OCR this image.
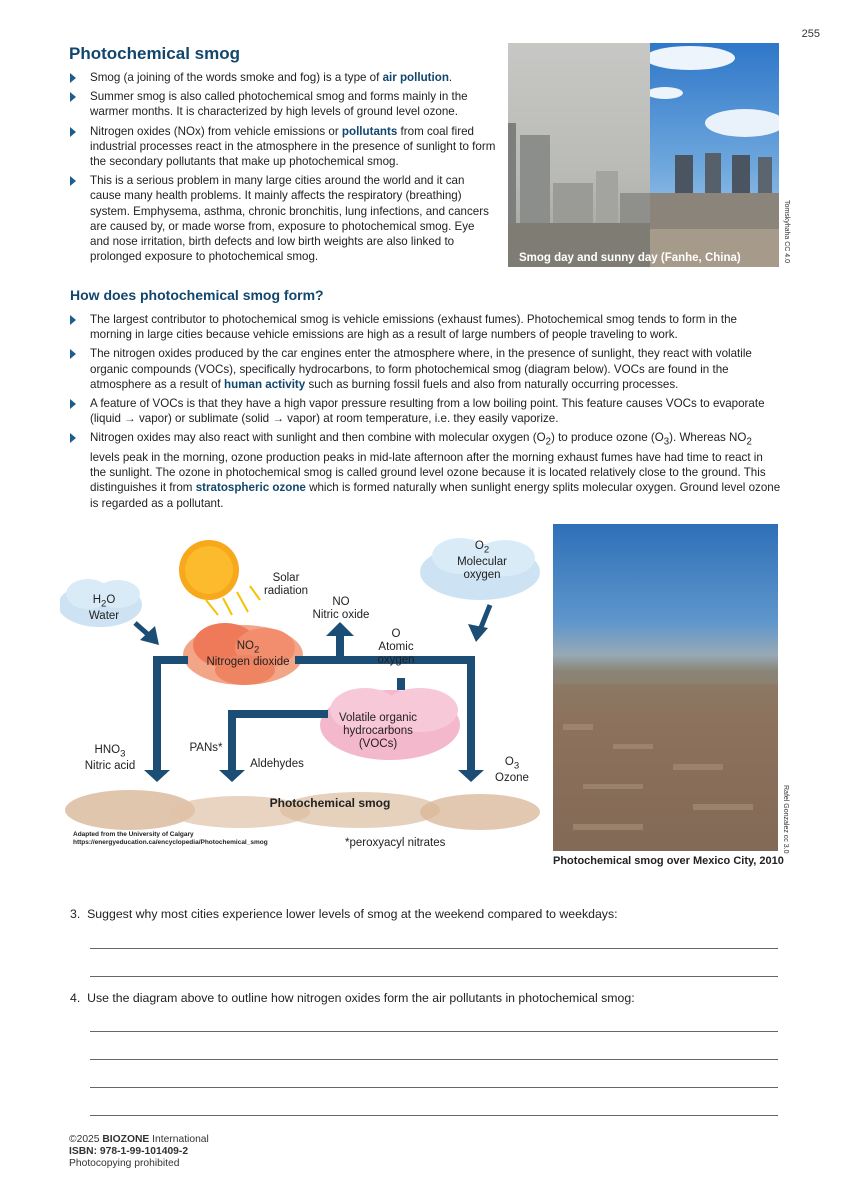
255
Photochemical smog
Smog (a joining of the words smoke and fog) is a type of air pollution.
Summer smog is also called photochemical smog and forms mainly in the warmer months. It is characterized by high levels of ground level ozone.
Nitrogen oxides (NOx) from vehicle emissions or pollutants from coal fired industrial processes react in the atmosphere in the presence of sunlight to form the secondary pollutants that make up photochemical smog.
This is a serious problem in many large cities around the world and it can cause many health problems. It mainly affects the respiratory (breathing) system. Emphysema, asthma, chronic bronchitis, lung infections, and cancers are caused by, or made worse from, exposure to photochemical smog. Eye and nose irritation, birth defects and low birth weights are also linked to prolonged exposure to photochemical smog.	Smog day and sunny day (Fanhe, China)	Tomskyhaha CC 4.0
How does photochemical smog form?
The largest contributor to photochemical smog is vehicle emissions (exhaust fumes). Photochemical smog tends to form in the morning in large cities because vehicle emissions are high as a result of large numbers of people traveling to work.
The nitrogen oxides produced by the car engines enter the atmosphere where, in the presence of sunlight, they react with volatile organic compounds (VOCs), specifically hydrocarbons, to form photochemical smog (diagram below). VOCs are found in the atmosphere as a result of human activity such as burning fossil fuels and also from naturally occurring processes.
A feature of VOCs is that they have a high vapor pressure resulting from a low boiling point. This feature causes VOCs to evaporate (liquid → vapor) or sublimate (solid → vapor) at room temperature, i.e. they easily vaporize.
Nitrogen oxides may also react with sunlight and then combine with molecular oxygen $(O_2)$ to produce ozone $(O_3)$. Whereas $NO_2$ levels peak in the morning, ozone production peaks in mid-late afternoon after the morning exhaust fumes have had time to react in the sunlight. The ozone in photochemical smog is called ground level ozone because it is located relatively close to the ground. This distinguishes it from stratospheric ozone which is formed naturally when sunlight energy splits molecular oxygen. Ground level ozone is regarded as a pollutant.
Solar radiation
$H_2O$
Water
NO
Nitric oxide
$O_2$
Molecular oxygen
$NO_2$
Nitrogen dioxide
O
Atomic oxygen
Volatile organic hydrocarbons (VOCs)
$HNO_3$
Nitric acid
PANs*
Aldehydes	$O_3$
Ozone
Photochemical smog
Adapted from the University of Calgary
https://energyeducation.ca/encyclopedia/Photochemical_smog	*peroxyacyl nitrates	Rafel Gonzalez cc 3.0
Photochemical smog over Mexico City, 2010
3. Suggest why most cities experience lower levels of smog at the weekend compared to weekdays:
4. Use the diagram above to outline how nitrogen oxides form the air pollutants in photochemical smog:
©2025 BIOZONE International
ISBN: 978-1-99-101409-2
Photocopying prohibited
